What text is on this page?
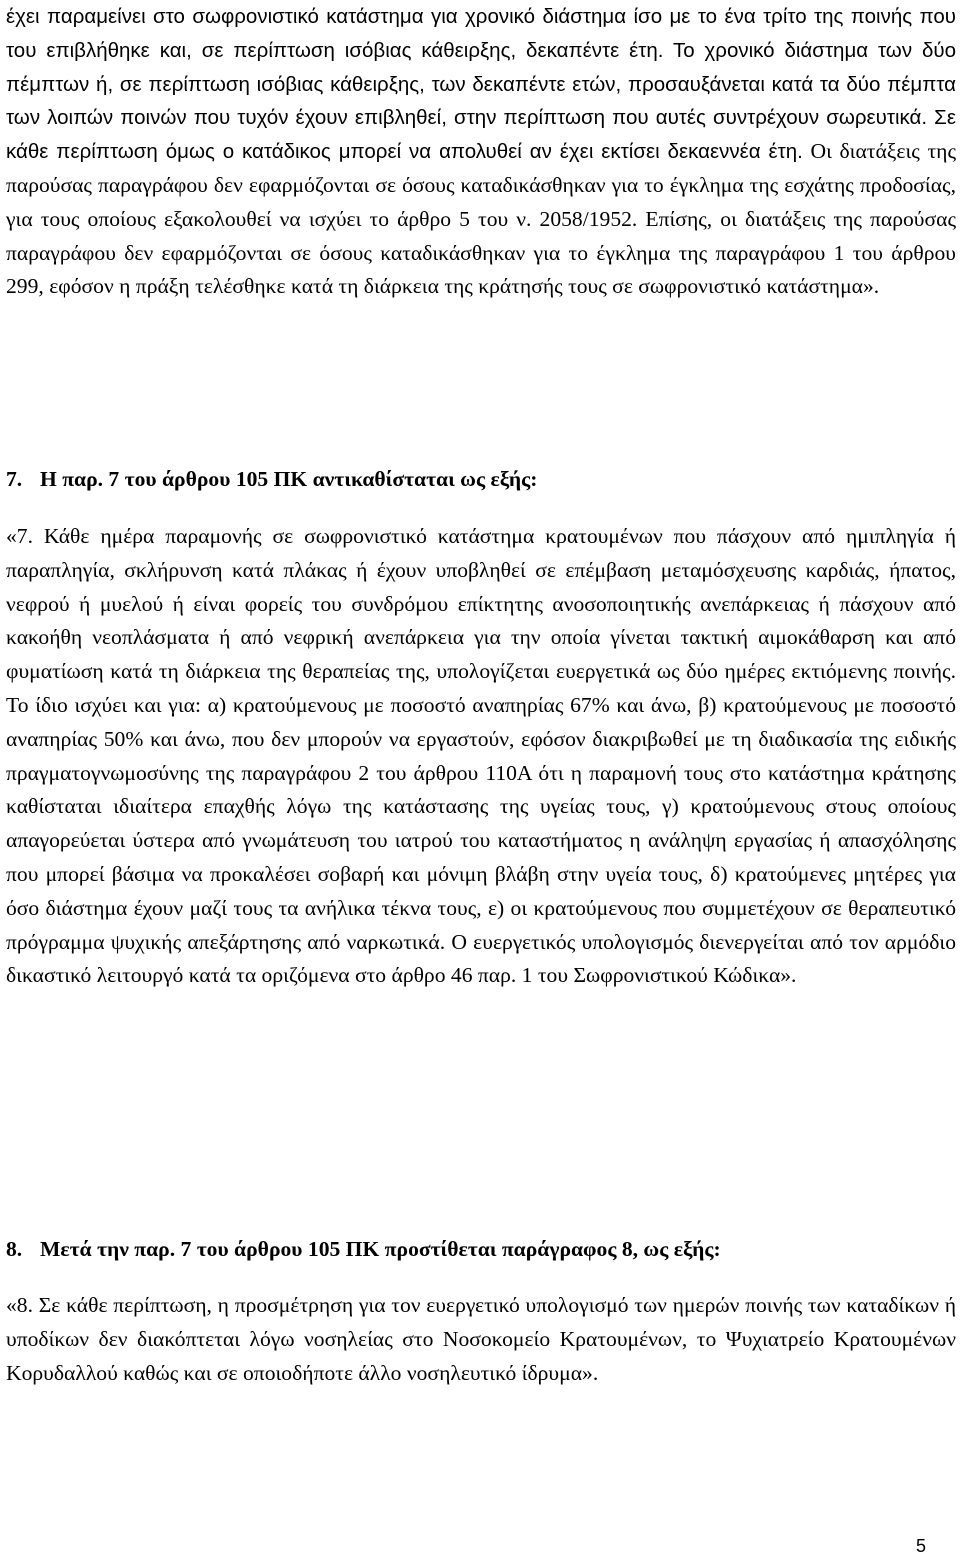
έχει παραμείνει στο σωφρονιστικό κατάστημα για χρονικό διάστημα ίσο με το ένα τρίτο της ποινής που του επιβλήθηκε και, σε περίπτωση ισόβιας κάθειρξης, δεκαπέντε έτη. Το χρονικό διάστημα των δύο πέμπτων ή, σε περίπτωση ισόβιας κάθειρξης, των δεκαπέντε ετών, προσαυξάνεται κατά τα δύο πέμπτα των λοιπών ποινών που τυχόν έχουν επιβληθεί, στην περίπτωση που αυτές συντρέχουν σωρευτικά. Σε κάθε περίπτωση όμως ο κατάδικος μπορεί να απολυθεί αν έχει εκτίσει δεκαεννέα έτη. Οι διατάξεις της παρούσας παραγράφου δεν εφαρμόζονται σε όσους καταδικάσθηκαν για το έγκλημα της εσχάτης προδοσίας, για τους οποίους εξακολουθεί να ισχύει το άρθρο 5 του ν. 2058/1952. Επίσης, οι διατάξεις της παρούσας παραγράφου δεν εφαρμόζονται σε όσους καταδικάσθηκαν για το έγκλημα της παραγράφου 1 του άρθρου 299, εφόσον η πράξη τελέσθηκε κατά τη διάρκεια της κράτησής τους σε σωφρονιστικό κατάστημα».

7. Η παρ. 7 του άρθρου 105 ΠΚ αντικαθίσταται ως εξής:

«7. Κάθε ημέρα παραμονής σε σωφρονιστικό κατάστημα κρατουμένων που πάσχουν από ημιπληγία ή παραπληγία, σκλήρυνση κατά πλάκας ή έχουν υποβληθεί σε επέμβαση μεταμόσχευσης καρδιάς, ήπατος, νεφρού ή μυελού ή είναι φορείς του συνδρόμου επίκτητης ανοσοποιητικής ανεπάρκειας ή πάσχουν από κακοήθη νεοπλάσματα ή από νεφρική ανεπάρκεια για την οποία γίνεται τακτική αιμοκάθαρση και από φυματίωση κατά τη διάρκεια της θεραπείας της, υπολογίζεται ευεργετικά ως δύο ημέρες εκτιόμενης ποινής. Το ίδιο ισχύει και για: α) κρατούμενους με ποσοστό αναπηρίας 67% και άνω, β) κρατούμενους με ποσοστό αναπηρίας 50% και άνω, που δεν μπορούν να εργαστούν, εφόσον διακριβωθεί με τη διαδικασία της ειδικής πραγματογνωμοσύνης της παραγράφου 2 του άρθρου 110Α ότι η παραμονή τους στο κατάστημα κράτησης καθίσταται ιδιαίτερα επαχθής λόγω της κατάστασης της υγείας τους, γ) κρατούμενους στους οποίους απαγορεύεται ύστερα από γνωμάτευση του ιατρού του καταστήματος η ανάληψη εργασίας ή απασχόλησης που μπορεί βάσιμα να προκαλέσει σοβαρή και μόνιμη βλάβη στην υγεία τους, δ) κρατούμενες μητέρες για όσο διάστημα έχουν μαζί τους τα ανήλικα τέκνα τους, ε) οι κρατούμενους που συμμετέχουν σε θεραπευτικό πρόγραμμα ψυχικής απεξάρτησης από ναρκωτικά. Ο ευεργετικός υπολογισμός διενεργείται από τον αρμόδιο δικαστικό λειτουργό κατά τα οριζόμενα στο άρθρο 46 παρ. 1 του Σωφρονιστικού Κώδικα».

8. Μετά την παρ. 7 του άρθρου 105 ΠΚ προστίθεται παράγραφος 8, ως εξής:

«8. Σε κάθε περίπτωση, η προσμέτρηση για τον ευεργετικό υπολογισμό των ημερών ποινής των καταδίκων ή υποδίκων δεν διακόπτεται λόγω νοσηλείας στο Νοσοκομείο Κρατουμένων, το Ψυχιατρείο Κρατουμένων Κορυδαλλού καθώς και σε οποιοδήποτε άλλο νοσηλευτικό ίδρυμα».

5
